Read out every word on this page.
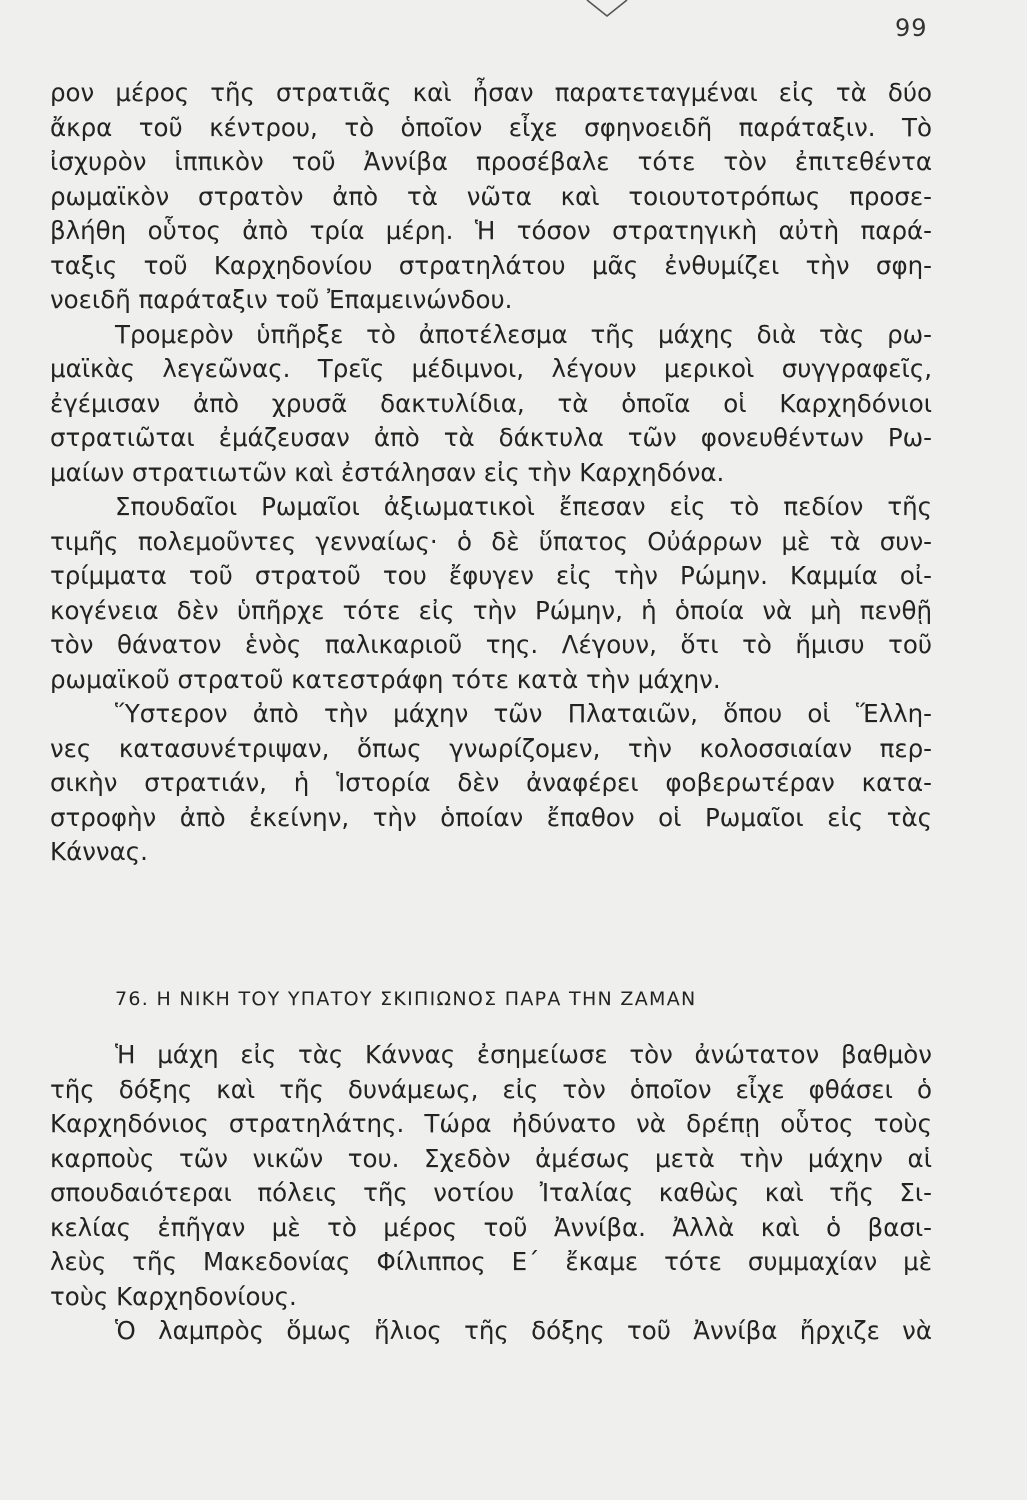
99
ρον μέρος τῆς στρατιᾶς καὶ ἦσαν παρατεταγμέναι εἰς τὰ δύο
ἄκρα τοῦ κέντρου, τὸ ὁποῖον εἶχε σφηνοειδῆ παράταξιν. Τὸ
ἰσχυρὸν ἱππικὸν τοῦ Ἀννίβα προσέβαλε τότε τὸν ἐπιτεθέντα
ρωμαϊκὸν στρατὸν ἀπὸ τὰ νῶτα καὶ τοιουτοτρόπως προσε-
βλήθη οὗτος ἀπὸ τρία μέρη. Ἡ τόσον στρατηγικὴ αὐτὴ παρά-
ταξις τοῦ Καρχηδονίου στρατηλάτου μᾶς ἐνθυμίζει τὴν σφη-
νοειδῆ παράταξιν τοῦ Ἐπαμεινώνδου.
Τρομερὸν ὑπῆρξε τὸ ἀποτέλεσμα τῆς μάχης διὰ τὰς ρω-
μαϊκὰς λεγεῶνας. Τρεῖς μέδιμνοι, λέγουν μερικοὶ συγγραφεῖς,
ἐγέμισαν ἀπὸ χρυσᾶ δακτυλίδια, τὰ ὁποῖα οἱ Καρχηδόνιοι
στρατιῶται ἐμάζευσαν ἀπὸ τὰ δάκτυλα τῶν φονευθέντων Ρω-
μαίων στρατιωτῶν καὶ ἐστάλησαν εἰς τὴν Καρχηδόνα.
Σπουδαῖοι Ρωμαῖοι ἀξιωματικοὶ ἔπεσαν εἰς τὸ πεδίον τῆς
τιμῆς πολεμοῦντες γενναίως· ὁ δὲ ὕπατος Οὐάρρων μὲ τὰ συν-
τρίμματα τοῦ στρατοῦ του ἔφυγεν εἰς τὴν Ρώμην. Καμμία οἰ-
κογένεια δὲν ὑπῆρχε τότε εἰς τὴν Ρώμην, ἡ ὁποία νὰ μὴ πενθῇ
τὸν θάνατον ἑνὸς παλικαριοῦ της. Λέγουν, ὅτι τὸ ἥμισυ τοῦ
ρωμαϊκοῦ στρατοῦ κατεστράφη τότε κατὰ τὴν μάχην.
Ὕστερον ἀπὸ τὴν μάχην τῶν Πλαταιῶν, ὅπου οἱ Ἕλλη-
νες κατασυνέτριψαν, ὅπως γνωρίζομεν, τὴν κολοσσιαίαν περ-
σικὴν στρατιάν, ἡ Ἱστορία δὲν ἀναφέρει φοβερωτέραν κατα-
στροφὴν ἀπὸ ἐκείνην, τὴν ὁποίαν ἔπαθον οἱ Ρωμαῖοι εἰς τὰς
Κάννας.
76. Η ΝΙΚΗ ΤΟΥ ΥΠΑΤΟΥ ΣΚΙΠΙΩΝΟΣ ΠΑΡΑ ΤΗΝ ΖΑΜΑΝ
Ἡ μάχη εἰς τὰς Κάννας ἐσημείωσε τὸν ἀνώτατον βαθμὸν
τῆς δόξης καὶ τῆς δυνάμεως, εἰς τὸν ὁποῖον εἶχε φθάσει ὁ
Καρχηδόνιος στρατηλάτης. Τώρα ἠδύνατο νὰ δρέπῃ οὗτος τοὺς
καρποὺς τῶν νικῶν του. Σχεδὸν ἀμέσως μετὰ τὴν μάχην αἱ
σπουδαιότεραι πόλεις τῆς νοτίου Ἰταλίας καθὼς καὶ τῆς Σι-
κελίας ἐπῆγαν μὲ τὸ μέρος τοῦ Ἀννίβα. Ἀλλὰ καὶ ὁ βασι-
λεὺς τῆς Μακεδονίας Φίλιππος Ε΄ ἔκαμε τότε συμμαχίαν μὲ
τοὺς Καρχηδονίους.
Ὁ λαμπρὸς ὅμως ἥλιος τῆς δόξης τοῦ Ἀννίβα ἤρχιζε νὰ
